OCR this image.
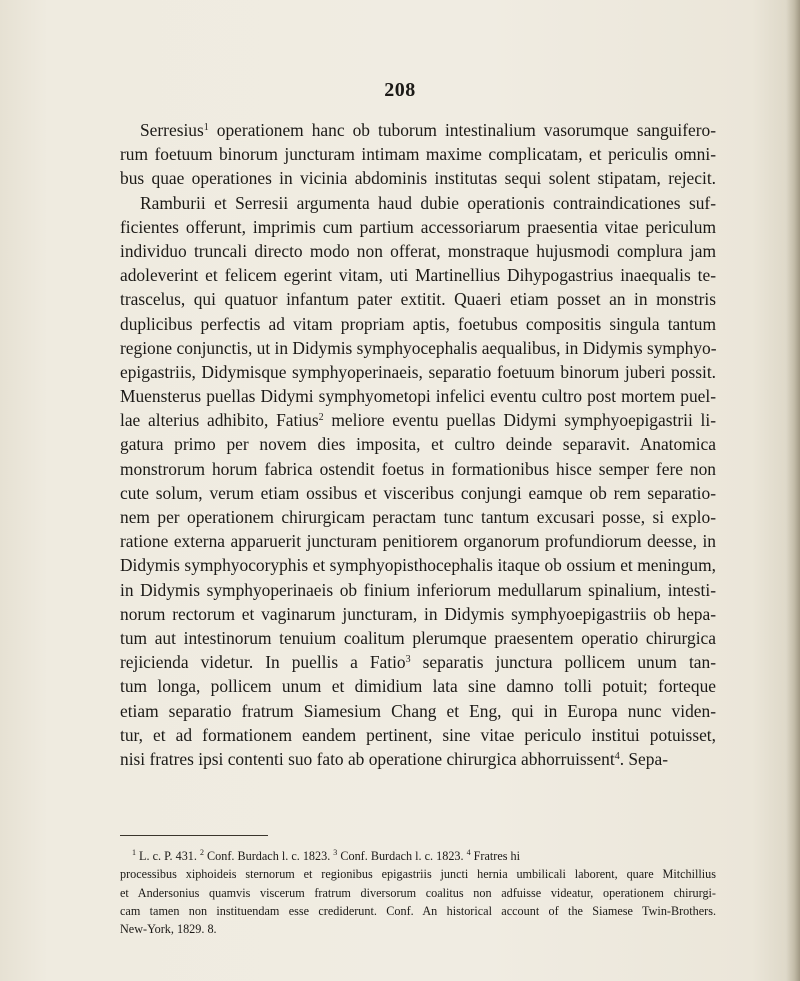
208
Serresius$^1$ operationem hanc ob tuborum intestinalium vasorumque sanguifero-
rum foetuum binorum juncturam intimam maxime complicatam, et periculis omni-
bus quae operationes in vicinia abdominis institutas sequi solent stipatam, rejecit.
Ramburii et Serresii argumenta haud dubie operationis contraindicationes suf-
ficientes offerunt, imprimis cum partium accessoriarum praesentia vitae periculum
individuo truncali directo modo non offerat, monstraque hujusmodi complura jam
adoleverint et felicem egerint vitam, uti Martinellius Dihypogastrius inaequalis te-
trascelus, qui quatuor infantum pater extitit. Quaeri etiam posset an in monstris
duplicibus perfectis ad vitam propriam aptis, foetubus compositis singula tantum
regione conjunctis, ut in Didymis symphyocephalis aequalibus, in Didymis symphyo-
epigastriis, Didymisque symphyoperinaeis, separatio foetuum binorum juberi possit.
Muensterus puellas Didymi symphyometopi infelici eventu cultro post mortem puel-
lae alterius adhibito, Fatius$^2$ meliore eventu puellas Didymi symphyoepigastrii li-
gatura primo per novem dies imposita, et cultro deinde separavit. Anatomica
monstrorum horum fabrica ostendit foetus in formationibus hisce semper fere non
cute solum, verum etiam ossibus et visceribus conjungi eamque ob rem separatio-
nem per operationem chirurgicam peractam tunc tantum excusari posse, si explo-
ratione externa apparuerit juncturam penitiorem organorum profundiorum deesse, in
Didymis symphyocoryphis et symphyopisthocephalis itaque ob ossium et meningum,
in Didymis symphyoperinaeis ob finium inferiorum medullarum spinalium, intesti-
norum rectorum et vaginarum juncturam, in Didymis symphyoepigastriis ob hepa-
tum aut intestinorum tenuium coalitum plerumque praesentem operatio chirurgica
rejicienda videtur. In puellis a Fatio$^3$ separatis junctura pollicem unum tan-
tum longa, pollicem unum et dimidium lata sine damno tolli potuit; forteque
etiam separatio fratrum Siamesium Chang et Eng, qui in Europa nunc viden-
tur, et ad formationem eandem pertinent, sine vitae periculo institui potuisset,
nisi fratres ipsi contenti suo fato ab operatione chirurgica abhorruissent$^4$. Sepa-
$^1$ L. c. P. 431. $^2$ Conf. Burdach l. c. 1823. $^3$ Conf. Burdach l. c. 1823. $^4$ Fratres hi
processibus xiphoideis sternorum et regionibus epigastriis juncti hernia umbilicali laborent, quare Mitchillius
et Andersonius quamvis viscerum fratrum diversorum coalitus non adfuisse videatur, operationem chirurgi-
cam tamen non instituendam esse crediderunt. Conf. An historical account of the Siamese Twin-Brothers.
New-York, 1829. 8.
